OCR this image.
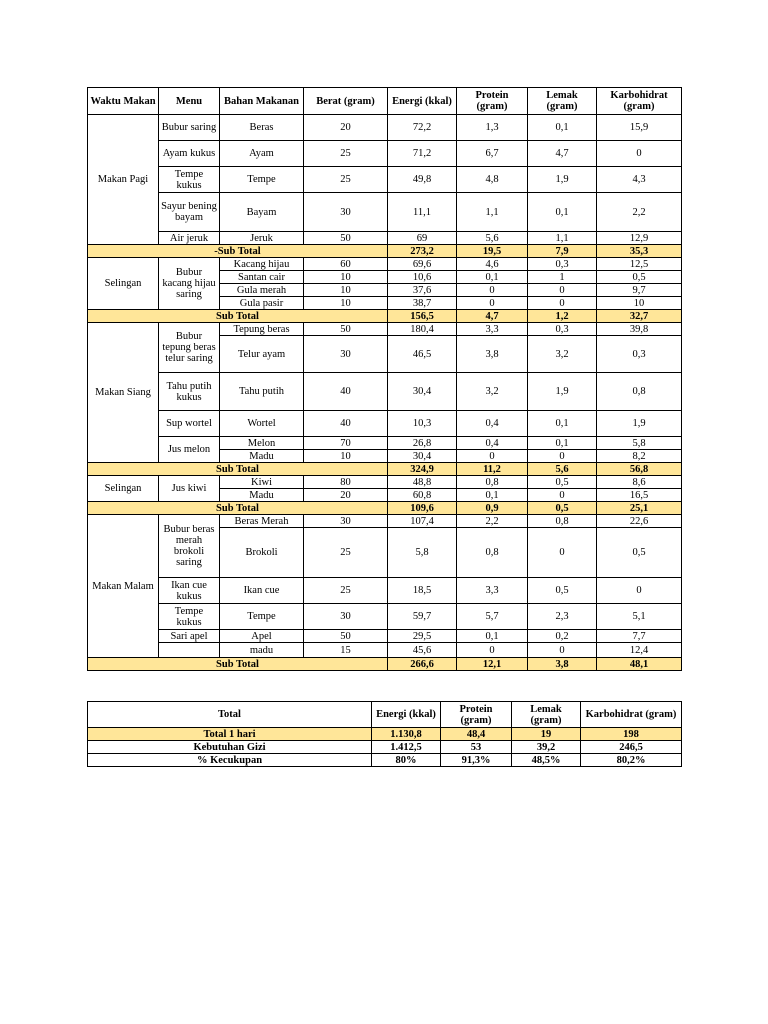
Waktu Makan	Menu	Bahan Makanan	Berat (gram)	Energi (kkal)	Protein (gram)	Lemak (gram)	Karbohidrat (gram)
Makan Pagi	Bubur saring	Beras	20	72,2	1,3	0,1	15,9
	Ayam kukus	Ayam	25	71,2	6,7	4,7	0
	Tempe kukus	Tempe	25	49,8	4,8	1,9	4,3
	Sayur bening bayam	Bayam	30	11,1	1,1	0,1	2,2
	Air jeruk	Jeruk	50	69	5,6	1,1	12,9
-Sub Total				273,2	19,5	7,9	35,3
Selingan	Bubur kacang hijau saring	Kacang hijau	60	69,6	4,6	0,3	12,5
		Santan cair	10	10,6	0,1	1	0,5
		Gula merah	10	37,6	0	0	9,7
		Gula pasir	10	38,7	0	0	10
Sub Total				156,5	4,7	1,2	32,7
Makan Siang	Bubur tepung beras telur saring	Tepung beras	50	180,4	3,3	0,3	39,8
		Telur ayam	30	46,5	3,8	3,2	0,3
	Tahu putih kukus	Tahu putih	40	30,4	3,2	1,9	0,8
	Sup wortel	Wortel	40	10,3	0,4	0,1	1,9
	Jus melon	Melon	70	26,8	0,4	0,1	5,8
		Madu	10	30,4	0	0	8,2
Sub Total				324,9	11,2	5,6	56,8
Selingan	Jus kiwi	Kiwi	80	48,8	0,8	0,5	8,6
		Madu	20	60,8	0,1	0	16,5
Sub Total				109,6	0,9	0,5	25,1
Makan Malam	Bubur beras merah brokoli saring	Beras Merah	30	107,4	2,2	0,8	22,6
		Brokoli	25	5,8	0,8	0	0,5
	Ikan cue kukus	Ikan cue	25	18,5	3,3	0,5	0
	Tempe kukus	Tempe	30	59,7	5,7	2,3	5,1
	Sari apel	Apel	50	29,5	0,1	0,2	7,7
		madu	15	45,6	0	0	12,4
Sub Total				266,6	12,1	3,8	48,1
Total	Energi (kkal)	Protein (gram)	Lemak (gram)	Karbohidrat (gram)
Total 1 hari	1.130,8	48,4	19	198
Kebutuhan Gizi	1.412,5	53	39,2	246,5
% Kecukupan	80%	91,3%	48,5%	80,2%
